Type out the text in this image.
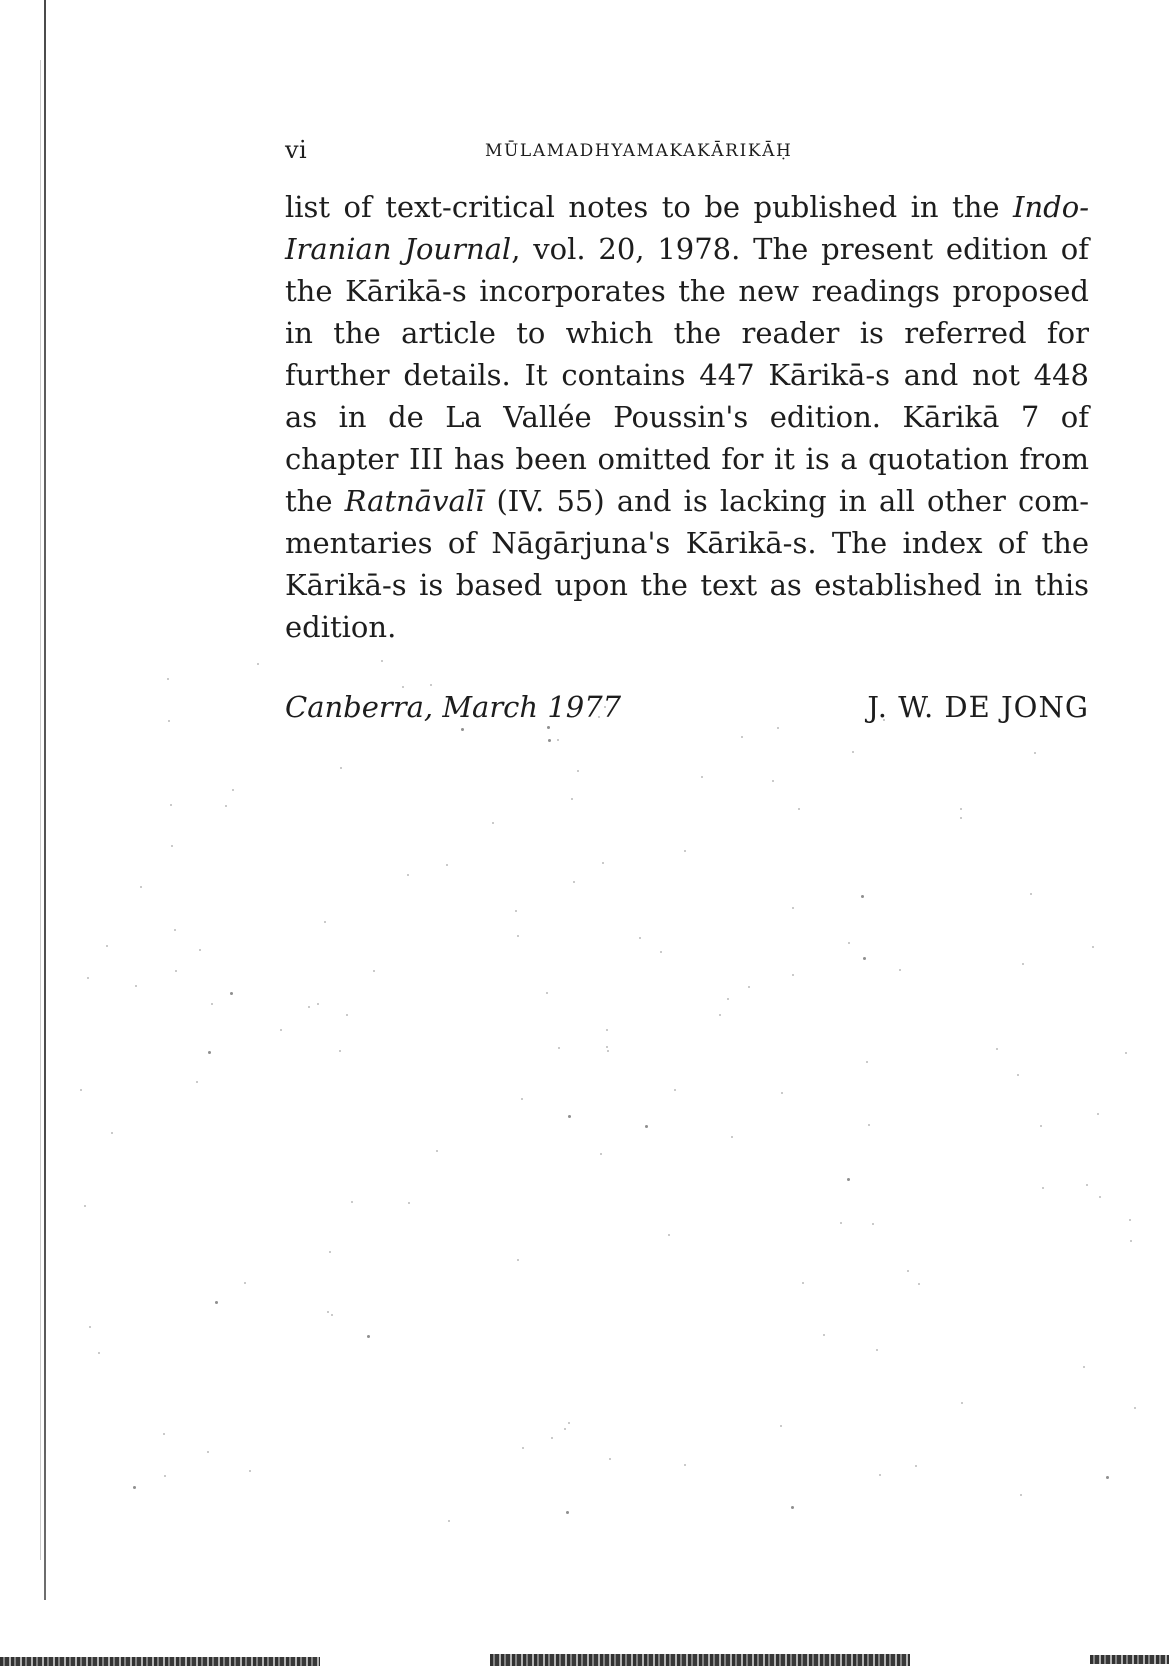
vi	MŪLAMADHYAMAKAKĀRIKĀḤ

list of text-critical notes to be published in the Indo-
Iranian Journal, vol. 20, 1978. The present edition of
the Kārikā-s incorporates the new readings proposed
in the article to which the reader is referred for
further details. It contains 447 Kārikā-s and not 448
as in de La Vallée Poussin's edition. Kārikā 7 of
chapter III has been omitted for it is a quotation from
the Ratnāvalī (IV. 55) and is lacking in all other com-
mentaries of Nāgārjuna's Kārikā-s. The index of the
Kārikā-s is based upon the text as established in this
edition.

Canberra, March 1977	J. W. DE JONG
